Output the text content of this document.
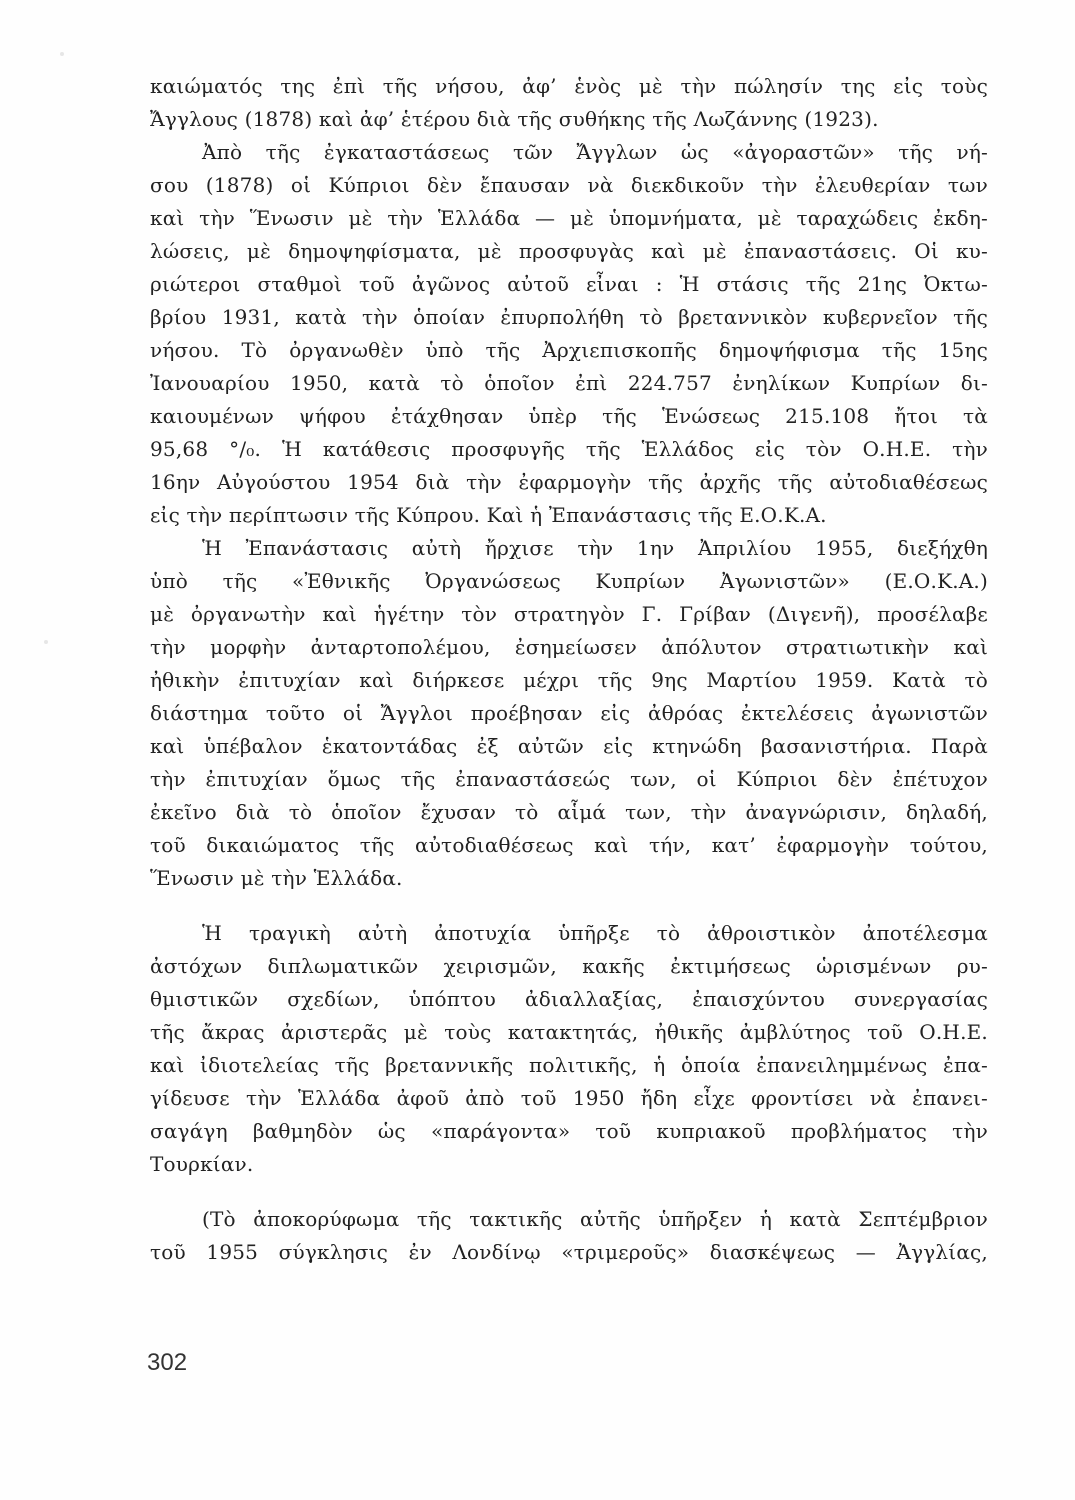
καιώματός της ἐπὶ τῆς νήσου, ἀφ’ ἑνὸς μὲ τὴν πώλησίν της εἰς τοὺς
Ἄγγλους (1878) καὶ ἀφ’ ἑτέρου διὰ τῆς συθήκης τῆς Λωζάννης (1923).
Ἀπὸ τῆς ἐγκαταστάσεως τῶν Ἄγγλων ὡς «ἀγοραστῶν» τῆς νή-
σου (1878) οἱ Κύπριοι δὲν ἔπαυσαν νὰ διεκδικοῦν τὴν ἐλευθερίαν των
καὶ τὴν Ἕνωσιν μὲ τὴν Ἑλλάδα — μὲ ὑπομνήματα, μὲ ταραχώδεις ἐκδη-
λώσεις, μὲ δημοψηφίσματα, μὲ προσφυγὰς καὶ μὲ ἐπαναστάσεις. Οἱ κυ-
ριώτεροι σταθμοὶ τοῦ ἀγῶνος αὐτοῦ εἶναι : Ἡ στάσις τῆς 21ης Ὀκτω-
βρίου 1931, κατὰ τὴν ὁποίαν ἐπυρπολήθη τὸ βρεταννικὸν κυβερνεῖον τῆς
νήσου. Τὸ ὀργανωθὲν ὑπὸ τῆς Ἀρχιεπισκοπῆς δημοψήφισμα τῆς 15ης
Ἰανουαρίου 1950, κατὰ τὸ ὁποῖον ἐπὶ 224.757 ἐνηλίκων Κυπρίων δι-
καιουμένων ψήφου ἐτάχθησαν ὑπὲρ τῆς Ἑνώσεως 215.108 ἤτοι τὰ
95,68 °/₀. Ἡ κατάθεσις προσφυγῆς τῆς Ἑλλάδος εἰς τὸν Ο.Η.Ε. τὴν
16ην Αὐγούστου 1954 διὰ τὴν ἐφαρμογὴν τῆς ἀρχῆς τῆς αὐτοδιαθέσεως
εἰς τὴν περίπτωσιν τῆς Κύπρου. Καὶ ἡ Ἐπανάστασις τῆς Ε.Ο.Κ.Α.
Ἡ Ἐπανάστασις αὐτὴ ἤρχισε τὴν 1ην Ἀπριλίου 1955, διεξήχθη
ὑπὸ τῆς «Ἐθνικῆς Ὀργανώσεως Κυπρίων Ἀγωνιστῶν» (Ε.Ο.Κ.Α.)
μὲ ὀργανωτὴν καὶ ἡγέτην τὸν στρατηγὸν Γ. Γρίβαν (Διγενῆ), προσέλαβε
τὴν μορφὴν ἀνταρτοπολέμου, ἐσημείωσεν ἀπόλυτον στρατιωτικὴν καὶ
ἠθικὴν ἐπιτυχίαν καὶ διήρκεσε μέχρι τῆς 9ης Μαρτίου 1959. Κατὰ τὸ
διάστημα τοῦτο οἱ Ἄγγλοι προέβησαν εἰς ἀθρόας ἐκτελέσεις ἀγωνιστῶν
καὶ ὑπέβαλον ἑκατοντάδας ἐξ αὐτῶν εἰς κτηνώδη βασανιστήρια. Παρὰ
τὴν ἐπιτυχίαν ὅμως τῆς ἐπαναστάσεώς των, οἱ Κύπριοι δὲν ἐπέτυχον
ἐκεῖνο διὰ τὸ ὁποῖον ἔχυσαν τὸ αἷμά των, τὴν ἀναγνώρισιν, δηλαδή,
τοῦ δικαιώματος τῆς αὐτοδιαθέσεως καὶ τήν, κατ’ ἐφαρμογὴν τούτου,
Ἕνωσιν μὲ τὴν Ἑλλάδα.
Ἡ τραγικὴ αὐτὴ ἀποτυχία ὑπῆρξε τὸ ἀθροιστικὸν ἀποτέλεσμα
ἀστόχων διπλωματικῶν χειρισμῶν, κακῆς ἐκτιμήσεως ὡρισμένων ρυ-
θμιστικῶν σχεδίων, ὑπόπτου ἀδιαλλαξίας, ἐπαισχύντου συνεργασίας
τῆς ἄκρας ἀριστερᾶς μὲ τοὺς κατακτητάς, ἠθικῆς ἀμβλύτηος τοῦ Ο.Η.Ε.
καὶ ἰδιοτελείας τῆς βρεταννικῆς πολιτικῆς, ἡ ὁποία ἐπανειλημμένως ἐπα-
γίδευσε τὴν Ἑλλάδα ἀφοῦ ἀπὸ τοῦ 1950 ἤδη εἶχε φροντίσει νὰ ἐπανει-
σαγάγη βαθμηδὸν ὡς «παράγοντα» τοῦ κυπριακοῦ προβλήματος τὴν
Τουρκίαν.
(Τὸ ἀποκορύφωμα τῆς τακτικῆς αὐτῆς ὑπῆρξεν ἡ κατὰ Σεπτέμβριον
τοῦ 1955 σύγκλησις ἐν Λονδίνῳ «τριμεροῦς» διασκέψεως — Ἀγγλίας,
302
